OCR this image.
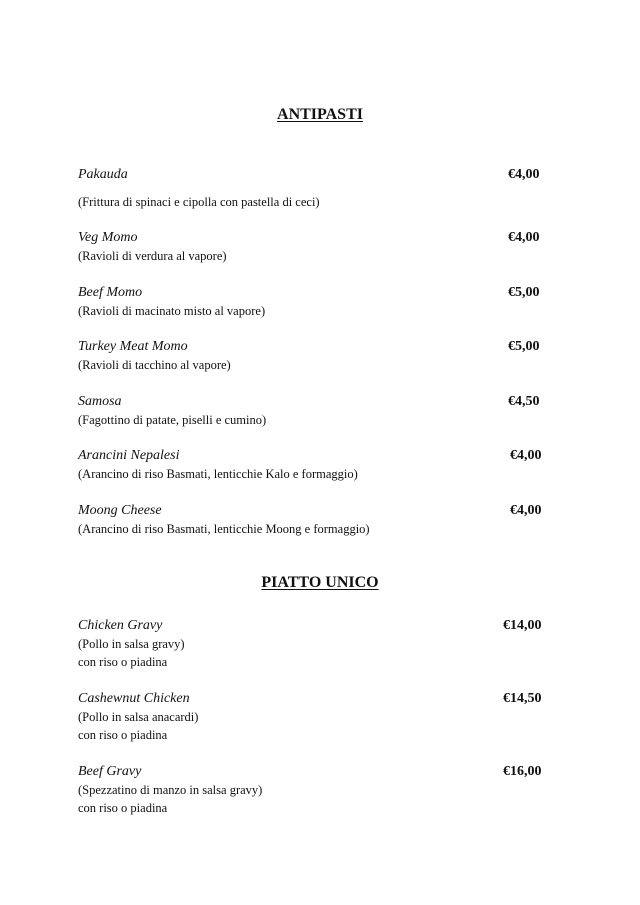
ANTIPASTI
Pakauda	€4,00
(Frittura di spinaci e cipolla con pastella di ceci)
Veg Momo	€4,00
(Ravioli di verdura al vapore)
Beef Momo	€5,00
(Ravioli di macinato misto al vapore)
Turkey Meat Momo	€5,00
(Ravioli di tacchino al vapore)
Samosa	€4,50
(Fagottino di patate, piselli e cumino)
Arancini Nepalesi	€4,00
(Arancino di riso Basmati, lenticchie Kalo e formaggio)
Moong Cheese	€4,00
(Arancino di riso Basmati, lenticchie Moong e formaggio)
PIATTO UNICO
Chicken Gravy	€14,00
(Pollo in salsa gravy)
con riso o piadina
Cashewnut Chicken	€14,50
(Pollo in salsa anacardi)
con riso o piadina
Beef Gravy	€16,00
(Spezzatino di manzo in salsa gravy)
con riso o piadina
